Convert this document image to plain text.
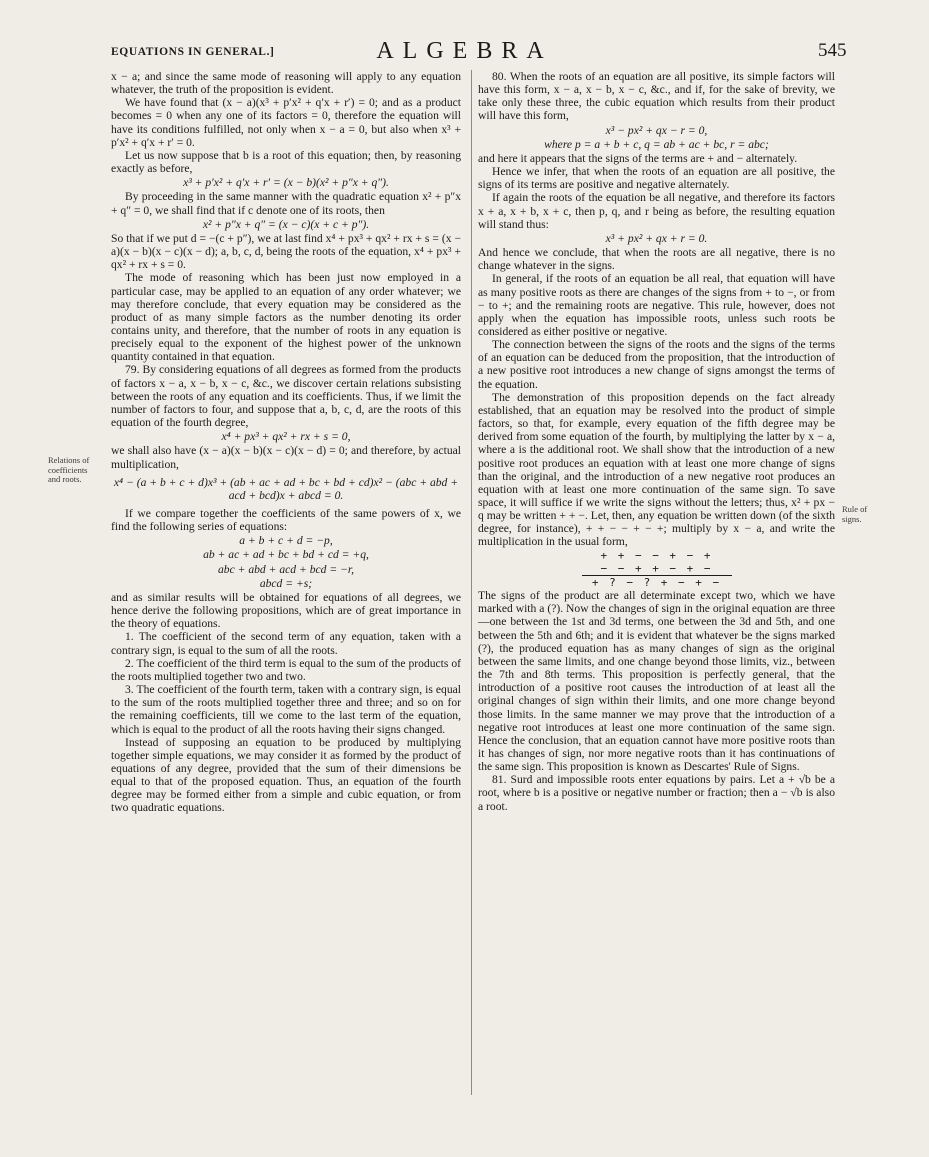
EQUATIONS IN GENERAL.]	ALGEBRA	545
Relations of coefficients and roots.
Rule of signs.

x − a; and since the same mode of reasoning will apply to any equation whatever, the truth of the proposition is evident.

We have found that (x − a)(x³ + p′x² + q′x + r′) = 0; and as a product becomes = 0 when any one of its factors = 0, therefore the equation will have its conditions fulfilled, not only when x − a = 0, but also when x³ + p′x² + q′x + r′ = 0.

Let us now suppose that b is a root of this equation; then, by reasoning exactly as before,

x³ + p′x² + q′x + r′ = (x − b)(x² + p″x + q″).

By proceeding in the same manner with the quadratic equation x² + p″x + q″ = 0, we shall find that if c denote one of its roots, then

x² + p″x + q″ = (x − c)(x + c + p″).

So that if we put d = −(c + p″), we at last find x⁴ + px³ + qx² + rx + s = (x − a)(x − b)(x − c)(x − d); a, b, c, d, being the roots of the equation, x⁴ + px³ + qx² + rx + s = 0.

The mode of reasoning which has been just now employed in a particular case, may be applied to an equation of any order whatever; we may therefore conclude, that every equation may be considered as the product of as many simple factors as the number denoting its order contains unity, and therefore, that the number of roots in any equation is precisely equal to the exponent of the highest power of the unknown quantity contained in that equation.

79. By considering equations of all degrees as formed from the products of factors x − a, x − b, x − c, &c., we discover certain relations subsisting between the roots of any equation and its coefficients. Thus, if we limit the number of factors to four, and suppose that a, b, c, d, are the roots of this equation of the fourth degree,

x⁴ + px³ + qx² + rx + s = 0,

we shall also have (x − a)(x − b)(x − c)(x − d) = 0; and therefore, by actual multiplication,

x⁴ − (a + b + c + d)x³ + (ab + ac + ad + bc + bd + cd)x² − (abc + abd + acd + bcd)x + abcd = 0.

If we compare together the coefficients of the same powers of x, we find the following series of equations:

a + b + c + d = −p,

ab + ac + ad + bc + bd + cd = +q,

abc + abd + acd + bcd = −r,

abcd = +s;

and as similar results will be obtained for equations of all degrees, we hence derive the following propositions, which are of great importance in the theory of equations.

1. The coefficient of the second term of any equation, taken with a contrary sign, is equal to the sum of all the roots.

2. The coefficient of the third term is equal to the sum of the products of the roots multiplied together two and two.

3. The coefficient of the fourth term, taken with a contrary sign, is equal to the sum of the roots multiplied together three and three; and so on for the remaining coefficients, till we come to the last term of the equation, which is equal to the product of all the roots having their signs changed.

Instead of supposing an equation to be produced by multiplying together simple equations, we may consider it as formed by the product of equations of any degree, provided that the sum of their dimensions be equal to that of the proposed equation. Thus, an equation of the fourth degree may be formed either from a simple and cubic equation, or from two quadratic equations.

80. When the roots of an equation are all positive, its simple factors will have this form, x − a, x − b, x − c, &c., and if, for the sake of brevity, we take only these three, the cubic equation which results from their product will have this form,

x³ − px² + qx − r = 0,

where p = a + b + c, q = ab + ac + bc, r = abc;

and here it appears that the signs of the terms are + and − alternately.

Hence we infer, that when the roots of an equation are all positive, the signs of its terms are positive and negative alternately.

If again the roots of the equation be all negative, and therefore its factors x + a, x + b, x + c, then p, q, and r being as before, the resulting equation will stand thus:

x³ + px² + qx + r = 0.

And hence we conclude, that when the roots are all negative, there is no change whatever in the signs.

In general, if the roots of an equation be all real, that equation will have as many positive roots as there are changes of the signs from + to −, or from − to +; and the remaining roots are negative. This rule, however, does not apply when the equation has impossible roots, unless such roots be considered as either positive or negative.

The connection between the signs of the roots and the signs of the terms of an equation can be deduced from the proposition, that the introduction of a new positive root introduces a new change of signs amongst the terms of the equation.

The demonstration of this proposition depends on the fact already established, that an equation may be resolved into the product of simple factors, so that, for example, every equation of the fifth degree may be derived from some equation of the fourth, by multiplying the latter by x − a, where a is the additional root. We shall show that the introduction of a new positive root produces an equation with at least one more change of signs than the original, and the introduction of a new negative root produces an equation with at least one more continuation of the same sign. To save space, it will suffice if we write the signs without the letters; thus, x² + px − q may be written + + −. Let, then, any equation be written down (of the sixth degree, for instance), + + − − + − +; multiply by x − a, and write the multiplication in the usual form,

+ + − − + − +

− − + + − + −

+ ? − ? + − + −

The signs of the product are all determinate except two, which we have marked with a (?). Now the changes of sign in the original equation are three—one between the 1st and 3d terms, one between the 3d and 5th, and one between the 5th and 6th; and it is evident that whatever be the signs marked (?), the produced equation has as many changes of sign as the original between the same limits, and one change beyond those limits, viz., between the 7th and 8th terms. This proposition is perfectly general, that the introduction of a positive root causes the introduction of at least all the original changes of sign within their limits, and one more change beyond those limits. In the same manner we may prove that the introduction of a negative root introduces at least one more continuation of the same sign. Hence the conclusion, that an equation cannot have more positive roots than it has changes of sign, nor more negative roots than it has continuations of the same sign. This proposition is known as Descartes' Rule of Signs.

81. Surd and impossible roots enter equations by pairs. Let a + √b be a root, where b is a positive or negative number or fraction; then a − √b is also a root.
